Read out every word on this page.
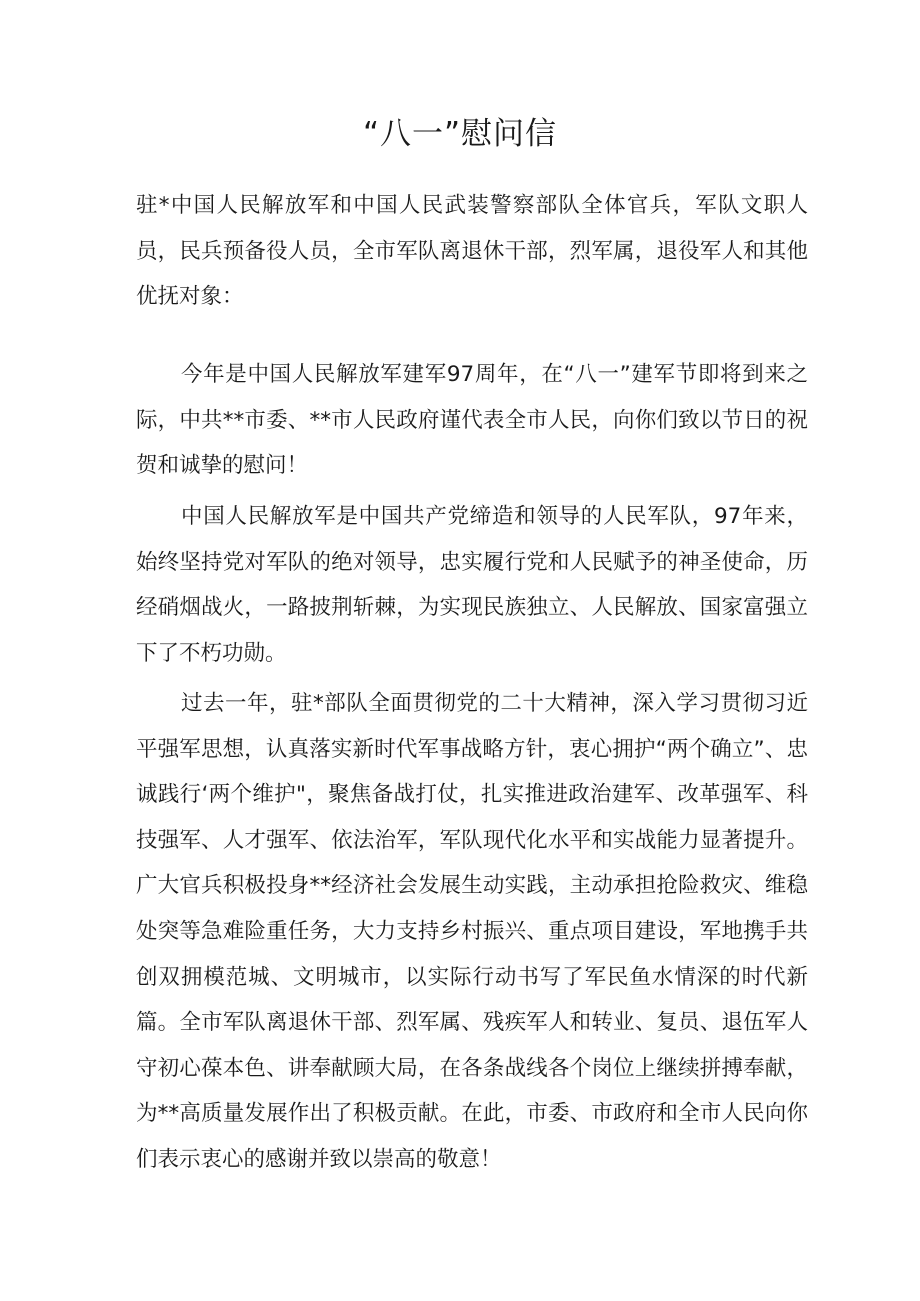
“八一”慰问信

驻*中国人民解放军和中国人民武装警察部队全体官兵，军队文职人员，民兵预备役人员，全市军队离退休干部，烈军属，退役军人和其他优抚对象：

今年是中国人民解放军建军97周年，在“八一”建军节即将到来之际，中共**市委、**市人民政府谨代表全市人民，向你们致以节日的祝贺和诚挚的慰问！

中国人民解放军是中国共产党缔造和领导的人民军队，97年来，始终坚持党对军队的绝对领导，忠实履行党和人民赋予的神圣使命，历经硝烟战火，一路披荆斩棘，为实现民族独立、人民解放、国家富强立下了不朽功勋。

过去一年，驻*部队全面贯彻党的二十大精神，深入学习贯彻习近平强军思想，认真落实新时代军事战略方针，衷心拥护“两个确立”、忠诚践行‘两个维护"，聚焦备战打仗，扎实推进政治建军、改革强军、科技强军、人才强军、依法治军，军队现代化水平和实战能力显著提升。广大官兵积极投身**经济社会发展生动实践，主动承担抢险救灾、维稳处突等急难险重任务，大力支持乡村振兴、重点项目建设，军地携手共创双拥模范城、文明城市，以实际行动书写了军民鱼水情深的时代新篇。全市军队离退休干部、烈军属、残疾军人和转业、复员、退伍军人守初心葆本色、讲奉献顾大局，在各条战线各个岗位上继续拼搏奉献，为**高质量发展作出了积极贡献。在此，市委、市政府和全市人民向你们表示衷心的感谢并致以崇高的敬意！
